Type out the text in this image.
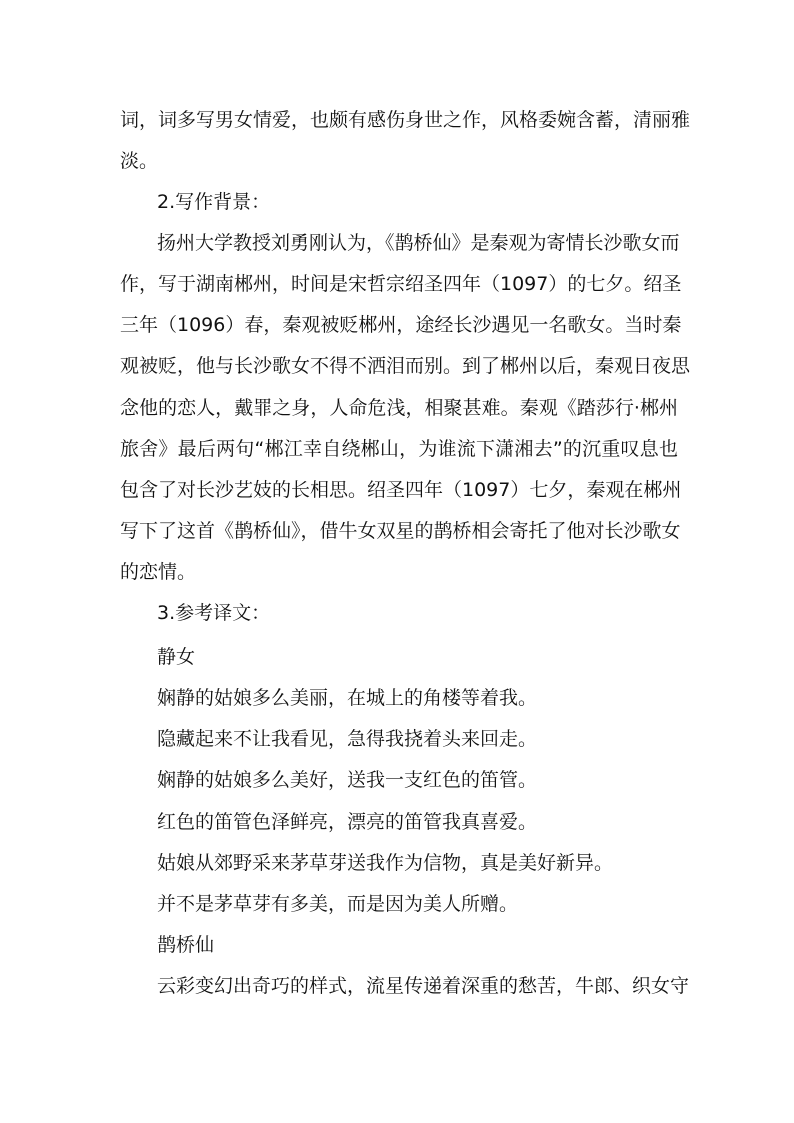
词，词多写男女情爱，也颇有感伤身世之作，风格委婉含蓄，清丽雅
淡。
2.写作背景：
扬州大学教授刘勇刚认为，《鹊桥仙》是秦观为寄情长沙歌女而
作，写于湖南郴州，时间是宋哲宗绍圣四年（1097）的七夕。绍圣
三年（1096）春，秦观被贬郴州，途经长沙遇见一名歌女。当时秦
观被贬，他与长沙歌女不得不洒泪而别。到了郴州以后，秦观日夜思
念他的恋人，戴罪之身，人命危浅，相聚甚难。秦观《踏莎行·郴州
旅舍》最后两句“郴江幸自绕郴山，为谁流下潇湘去”的沉重叹息也
包含了对长沙艺妓的长相思。绍圣四年（1097）七夕，秦观在郴州
写下了这首《鹊桥仙》，借牛女双星的鹊桥相会寄托了他对长沙歌女
的恋情。
3.参考译文：
静女
娴静的姑娘多么美丽，在城上的角楼等着我。
隐藏起来不让我看见，急得我挠着头来回走。
娴静的姑娘多么美好，送我一支红色的笛管。
红色的笛管色泽鲜亮，漂亮的笛管我真喜爱。
姑娘从郊野采来茅草芽送我作为信物，真是美好新异。
并不是茅草芽有多美，而是因为美人所赠。
鹊桥仙
云彩变幻出奇巧的样式，流星传递着深重的愁苦，牛郎、织女守
